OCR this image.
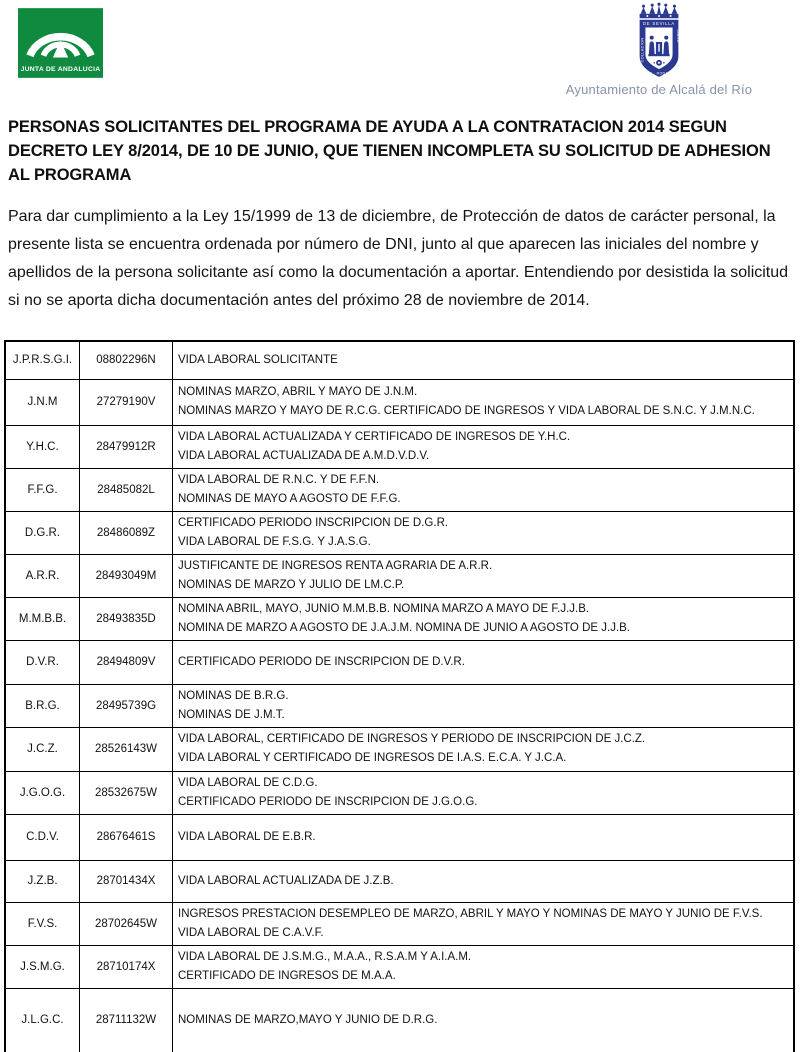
JUNTA DE ANDALUCIA
DE SEVILLA
COLLACION
CALLE
A · RODA
Ayuntamiento de Alcalá del Río
PERSONAS SOLICITANTES DEL PROGRAMA DE AYUDA A LA CONTRATACION 2014 SEGUN DECRETO LEY 8/2014, DE 10 DE JUNIO, QUE TIENEN INCOMPLETA SU SOLICITUD DE ADHESION AL PROGRAMA
Para dar cumplimiento a la Ley 15/1999 de 13 de diciembre, de Protección de datos de carácter personal, la presente lista se encuentra ordenada por número de DNI, junto al que aparecen las iniciales del nombre y apellidos de la persona solicitante así como la documentación a aportar. Entendiendo por desistida la solicitud si no se aporta dicha documentación antes del próximo 28 de noviembre de 2014.
J.P.R.S.G.I.	08802296N	VIDA LABORAL SOLICITANTE

J.N.M	27279190V	NOMINAS MARZO, ABRIL Y MAYO DE J.N.M.
NOMINAS MARZO Y MAYO DE R.C.G. CERTIFICADO DE INGRESOS Y VIDA LABORAL DE S.N.C. Y J.M.N.C.

Y.H.C.	28479912R	VIDA LABORAL ACTUALIZADA Y CERTIFICADO DE INGRESOS DE Y.H.C.
VIDA LABORAL ACTUALIZADA DE A.M.D.V.D.V.

F.F.G.	28485082L	VIDA LABORAL DE R.N.C. Y DE F.F.N.
NOMINAS DE MAYO A AGOSTO DE F.F.G.

D.G.R.	28486089Z	CERTIFICADO PERIODO INSCRIPCION DE D.G.R.
VIDA LABORAL DE F.S.G. Y J.A.S.G.

A.R.R.	28493049M	JUSTIFICANTE DE INGRESOS RENTA AGRARIA DE A.R.R.
NOMINAS DE MARZO Y JULIO DE LM.C.P.

M.M.B.B.	28493835D	NOMINA ABRIL, MAYO, JUNIO M.M.B.B. NOMINA MARZO A MAYO DE F.J.J.B.
NOMINA DE MARZO A AGOSTO DE J.A.J.M. NOMINA DE JUNIO A AGOSTO DE J.J.B.

D.V.R.	28494809V	CERTIFICADO PERIODO DE INSCRIPCION DE D.V.R.

B.R.G.	28495739G	NOMINAS DE B.R.G.
NOMINAS DE J.M.T.

J.C.Z.	28526143W	VIDA LABORAL, CERTIFICADO DE INGRESOS Y PERIODO DE INSCRIPCION DE J.C.Z.
VIDA LABORAL Y CERTIFICADO DE INGRESOS DE I.A.S. E.C.A. Y J.C.A.

J.G.O.G.	28532675W	VIDA LABORAL DE C.D.G.
CERTIFICADO PERIODO DE INSCRIPCION DE J.G.O.G.

C.D.V.	28676461S	VIDA LABORAL DE E.B.R.

J.Z.B.	28701434X	VIDA LABORAL ACTUALIZADA DE J.Z.B.

F.V.S.	28702645W	INGRESOS PRESTACION DESEMPLEO DE MARZO, ABRIL Y MAYO Y NOMINAS DE MAYO Y JUNIO DE F.V.S. VIDA LABORAL DE C.A.V.F.

J.S.M.G.	28710174X	VIDA LABORAL DE J.S.M.G., M.A.A., R.S.A.M Y A.I.A.M.
CERTIFICADO DE INGRESOS DE M.A.A.

J.L.G.C.	28711132W	NOMINAS DE MARZO,MAYO Y JUNIO DE D.R.G.
